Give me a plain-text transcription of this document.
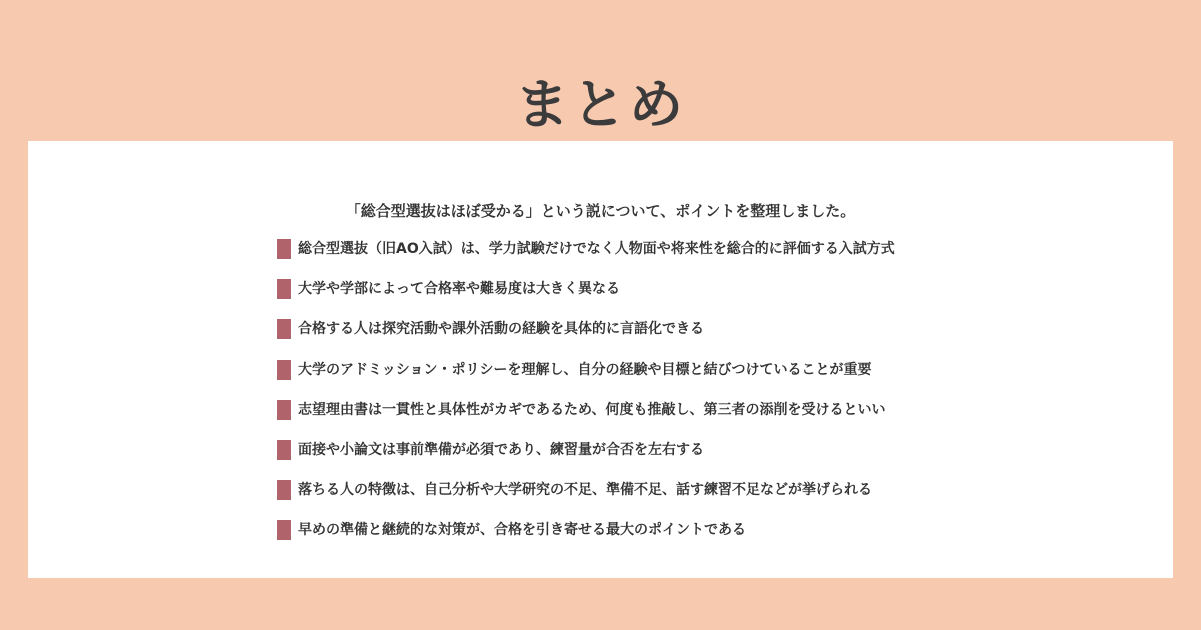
まとめ

「総合型選抜はほぼ受かる」という説について、ポイントを整理しました。

総合型選抜（旧AO入試）は、学力試験だけでなく人物面や将来性を総合的に評価する入試方式
大学や学部によって合格率や難易度は大きく異なる
合格する人は探究活動や課外活動の経験を具体的に言語化できる
大学のアドミッション・ポリシーを理解し、自分の経験や目標と結びつけていることが重要
志望理由書は一貫性と具体性がカギであるため、何度も推敲し、第三者の添削を受けるといい
面接や小論文は事前準備が必須であり、練習量が合否を左右する
落ちる人の特徴は、自己分析や大学研究の不足、準備不足、話す練習不足などが挙げられる
早めの準備と継続的な対策が、合格を引き寄せる最大のポイントである
